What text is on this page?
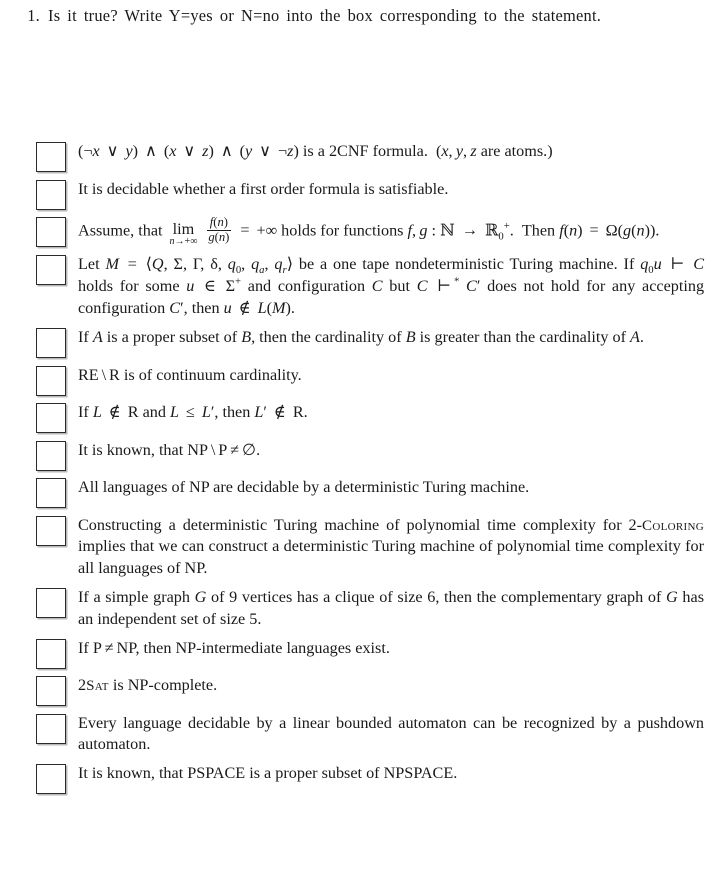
1. Is it true? Write Y=yes or N=no into the box corresponding to the statement.
(¬x ∨ y) ∧ (x ∨ z) ∧ (y ∨ ¬z) is a 2CNF formula.  (x, y, z are atoms.)
It is decidable whether a first order formula is satisfiable.
Assume, that lim
n→+∞
$\frac{f(n)}{g(n)}$ = +∞ holds for functions f, g : ℕ → ℝ$_0$+.  Then f(n) = Ω(g(n)).
Let M = ⟨Q, Σ, Γ, δ, $q_0$, $q_a$, $q_r⟩$ be a one tape nondeterministic Turing machine. If $q_0u$ ⊢ C holds for some u ∈ Σ+ and configuration C but C ⊢ * C′ does not hold for any accepting configuration C′, then u ∉ L(M).
If A is a proper subset of B, then the cardinality of B is greater than the cardinality of A.
RE \ R is of continuum cardinality.
If L ∉ R and L ≤ L′, then L′ ∉ R.
It is known, that NP \ P ≠ ∅.
All languages of NP are decidable by a deterministic Turing machine.
Constructing a deterministic Turing machine of polynomial time complexity for 2-Coloring implies that we can construct a deterministic Turing machine of polynomial time complexity for all languages of NP.
If a simple graph G of 9 vertices has a clique of size 6, then the complementary graph of G has an independent set of size 5.
If P ≠ NP, then NP-intermediate languages exist.
2Sat is NP-complete.
Every language decidable by a linear bounded automaton can be recognized by a pushdown automaton.
It is known, that PSPACE is a proper subset of NPSPACE.
